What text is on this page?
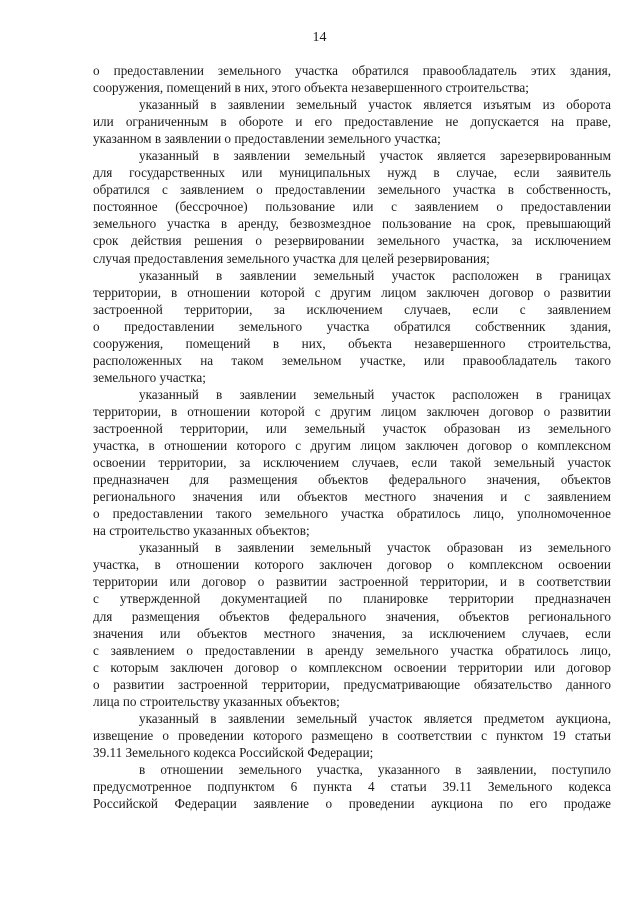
14
о предоставлении земельного участка обратился правообладатель этих здания,
сооружения, помещений в них, этого объекта незавершенного строительства;
указанный в заявлении земельный участок является изъятым из оборота
или ограниченным в обороте и его предоставление не допускается на праве,
указанном в заявлении о предоставлении земельного участка;
указанный в заявлении земельный участок является зарезервированным
для государственных или муниципальных нужд в случае, если заявитель
обратился с заявлением о предоставлении земельного участка в собственность,
постоянное (бессрочное) пользование или с заявлением о предоставлении
земельного участка в аренду, безвозмездное пользование на срок, превышающий
срок действия решения о резервировании земельного участка, за исключением
случая предоставления земельного участка для целей резервирования;
указанный в заявлении земельный участок расположен в границах
территории, в отношении которой с другим лицом заключен договор о развитии
застроенной территории, за исключением случаев, если с заявлением
о предоставлении земельного участка обратился собственник здания,
сооружения, помещений в них, объекта незавершенного строительства,
расположенных на таком земельном участке, или правообладатель такого
земельного участка;
указанный в заявлении земельный участок расположен в границах
территории, в отношении которой с другим лицом заключен договор о развитии
застроенной территории, или земельный участок образован из земельного
участка, в отношении которого с другим лицом заключен договор о комплексном
освоении территории, за исключением случаев, если такой земельный участок
предназначен для размещения объектов федерального значения, объектов
регионального значения или объектов местного значения и с заявлением
о предоставлении такого земельного участка обратилось лицо, уполномоченное
на строительство указанных объектов;
указанный в заявлении земельный участок образован из земельного
участка, в отношении которого заключен договор о комплексном освоении
территории или договор о развитии застроенной территории, и в соответствии
с утвержденной документацией по планировке территории предназначен
для размещения объектов федерального значения, объектов регионального
значения или объектов местного значения, за исключением случаев, если
с заявлением о предоставлении в аренду земельного участка обратилось лицо,
с которым заключен договор о комплексном освоении территории или договор
о развитии застроенной территории, предусматривающие обязательство данного
лица по строительству указанных объектов;
указанный в заявлении земельный участок является предметом аукциона,
извещение о проведении которого размещено в соответствии с пунктом 19 статьи
39.11 Земельного кодекса Российской Федерации;
в отношении земельного участка, указанного в заявлении, поступило
предусмотренное подпунктом 6 пункта 4 статьи 39.11 Земельного кодекса
Российской Федерации заявление о проведении аукциона по его продаже
